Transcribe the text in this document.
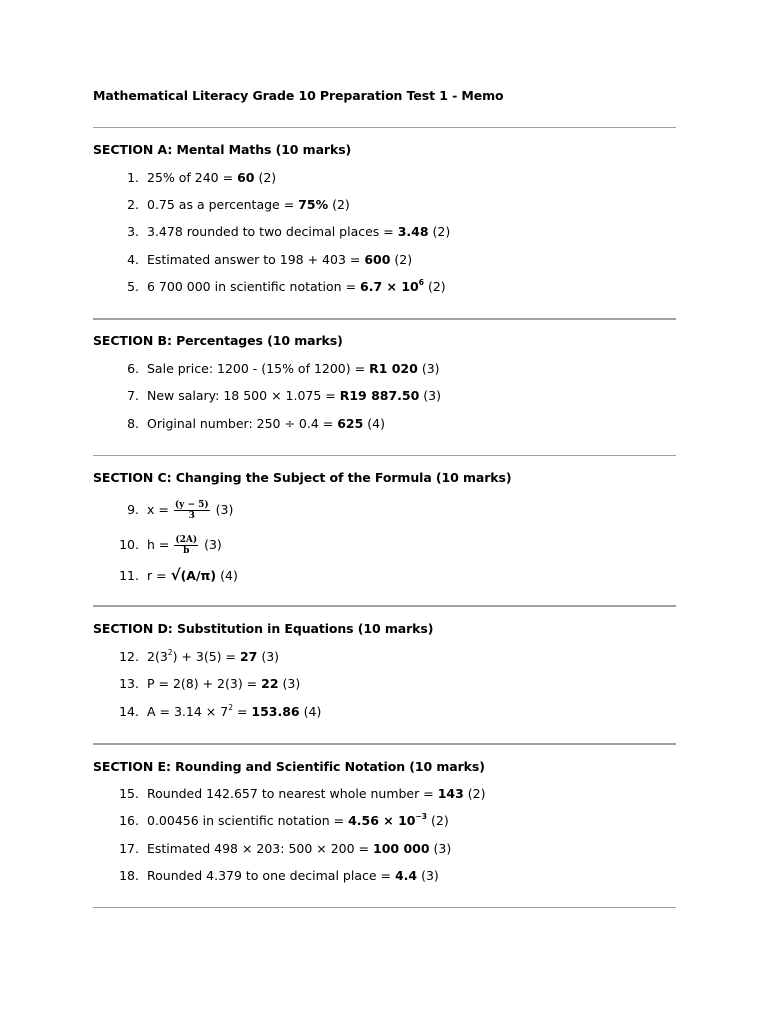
Mathematical Literacy Grade 10 Preparation Test 1 - Memo
SECTION A: Mental Maths (10 marks)
1. 25% of 240 = 60 (2)
2. 0.75 as a percentage = 75% (2)
3. 3.478 rounded to two decimal places = 3.48 (2)
4. Estimated answer to 198 + 403 = 600 (2)
5. 6 700 000 in scientific notation = $6.7 \times 10^6$ (2)
SECTION B: Percentages (10 marks)
6. Sale price: 1200 - (15% of 1200) = R1 020 (3)
7. New salary: 18 500 × 1.075 = R19 887.50 (3)
8. Original number: 250 ÷ 0.4 = 625 (4)
SECTION C: Changing the Subject of the Formula (10 marks)
9. $x = \frac{(y - 5)}{3} (3)$
10. $h = \frac{(2A)}{b} (3)$
11. r = √(A/π) (4)
SECTION D: Substitution in Equations (10 marks)
12. $2(3^2) + 3(5) = 27$ (3)
13. P = 2(8) + 2(3) = 22 (3)
14. $A = 3.14 \times 7^2 = 153.86$ (4)
SECTION E: Rounding and Scientific Notation (10 marks)
15. Rounded 142.657 to nearest whole number = 143 (2)
16. 0.00456 in scientific notation = $4.56 \times 10^{-3}$ (2)
17. Estimated 498 × 203: 500 × 200 = 100 000 (3)
18. Rounded 4.379 to one decimal place = 4.4 (3)
